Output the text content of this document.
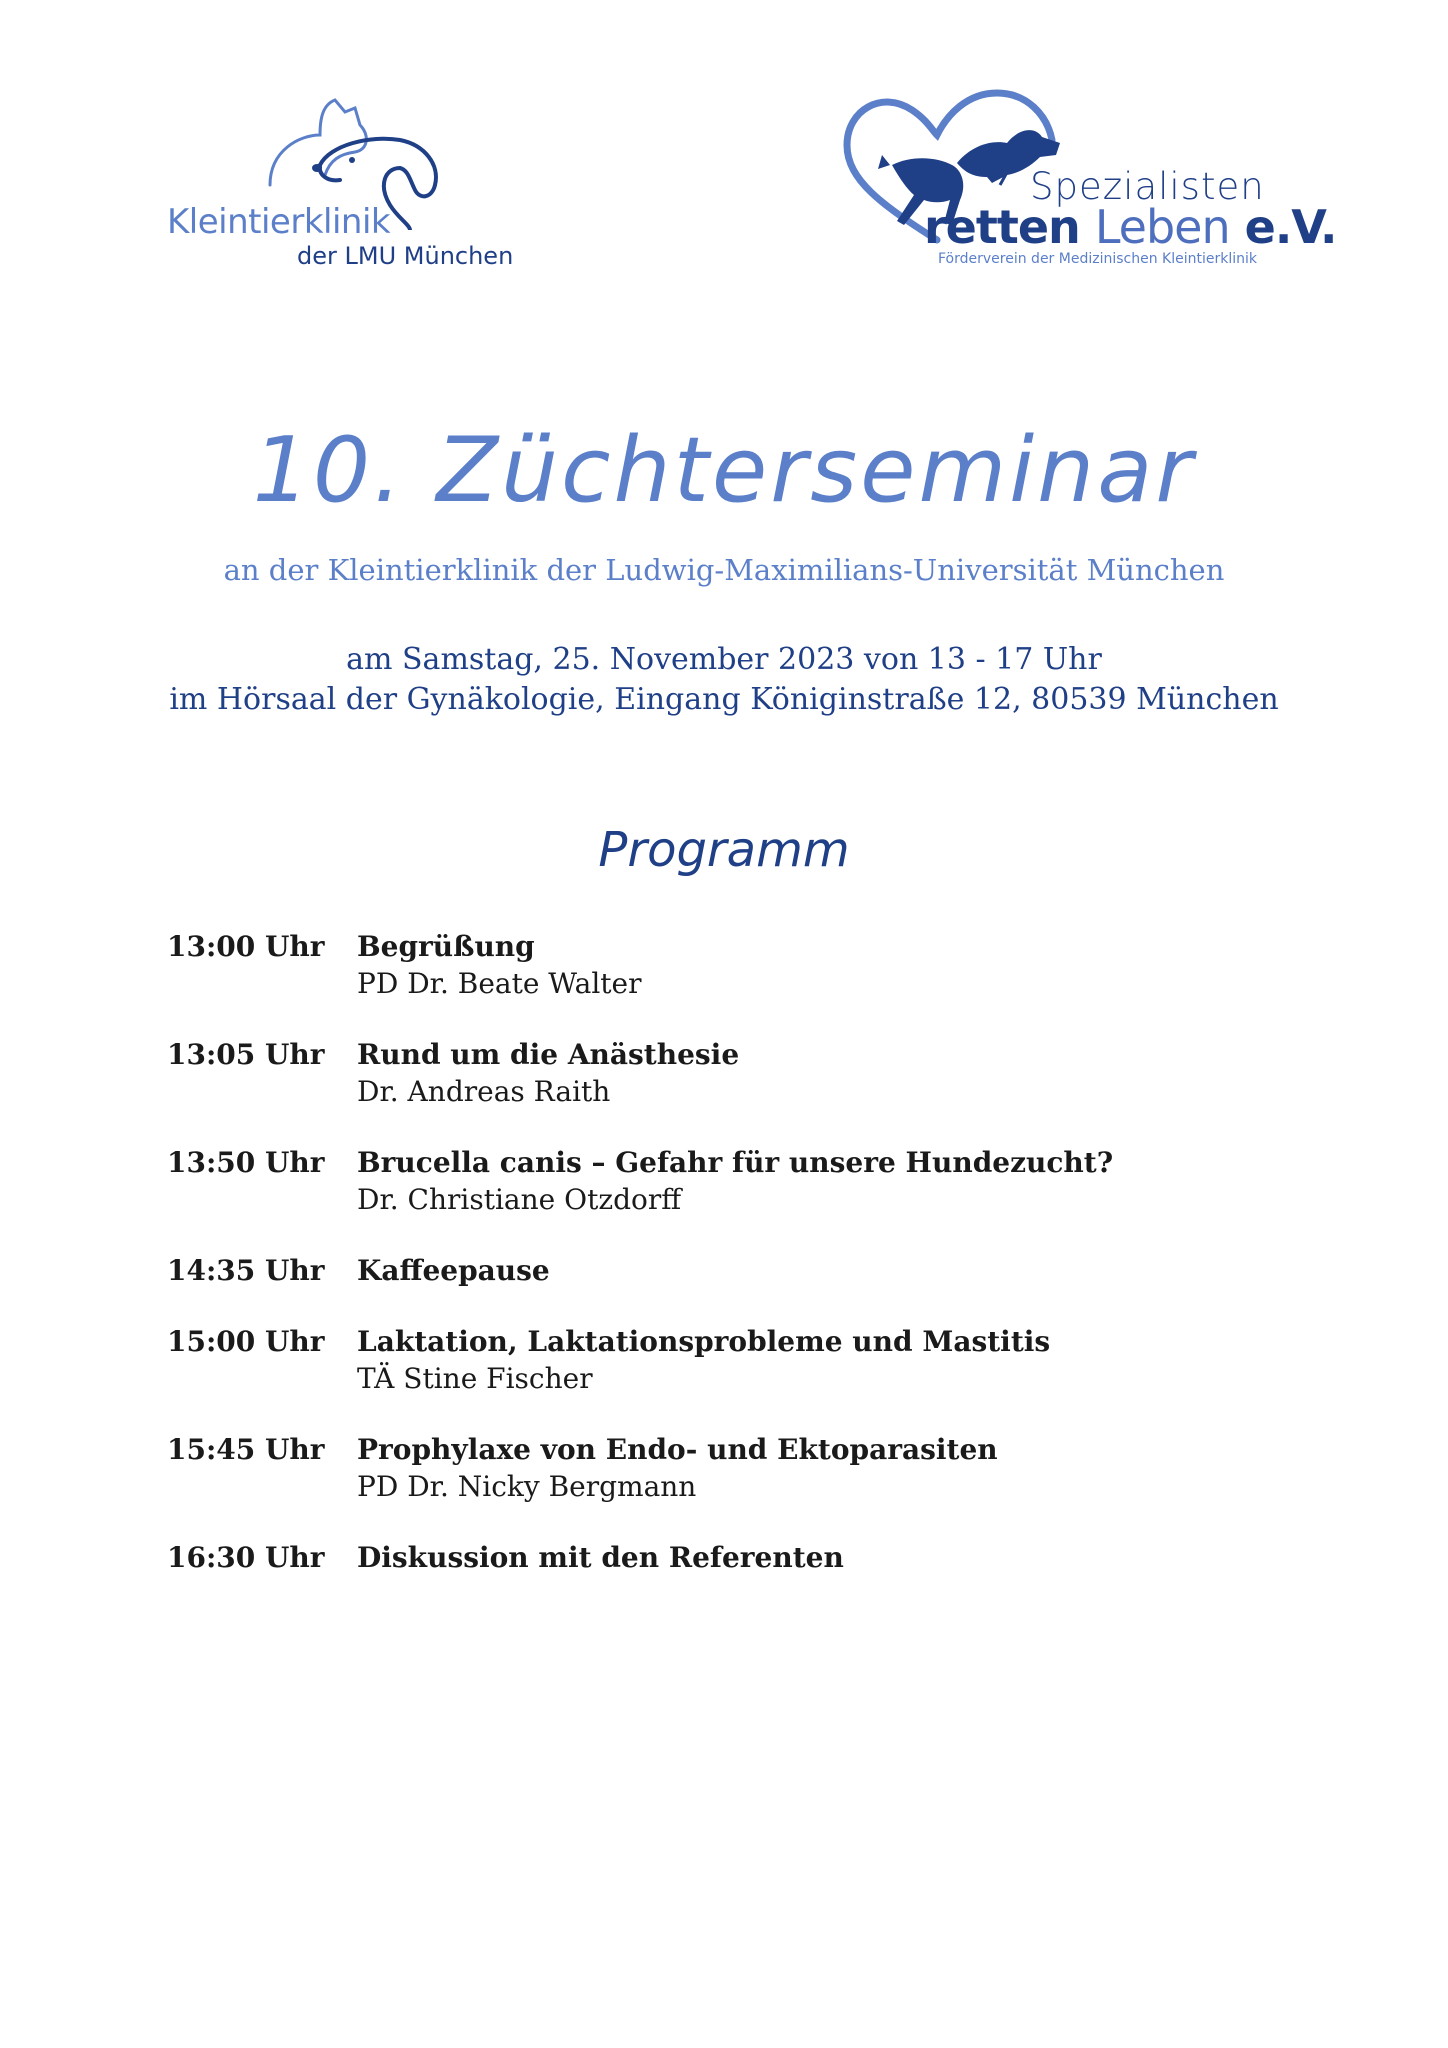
Kleintierklinik
der LMU München
Spezialisten
retten Leben e.V.
Förderverein der Medizinischen Kleintierklinik
10. Züchterseminar
an der Kleintierklinik der Ludwig-Maximilians-Universität München
am Samstag, 25. November 2023 von 13 - 17 Uhr
im Hörsaal der Gynäkologie, Eingang Königinstraße 12, 80539 München
Programm
13:00 Uhr	Begrüßung
PD Dr. Beate Walter
13:05 Uhr	Rund um die Anästhesie
Dr. Andreas Raith
13:50 Uhr	Brucella canis – Gefahr für unsere Hundezucht?
Dr. Christiane Otzdorff
14:35 Uhr	Kaffeepause
15:00 Uhr	Laktation, Laktationsprobleme und Mastitis
TÄ Stine Fischer
15:45 Uhr	Prophylaxe von Endo- und Ektoparasiten
PD Dr. Nicky Bergmann
16:30 Uhr	Diskussion mit den Referenten
